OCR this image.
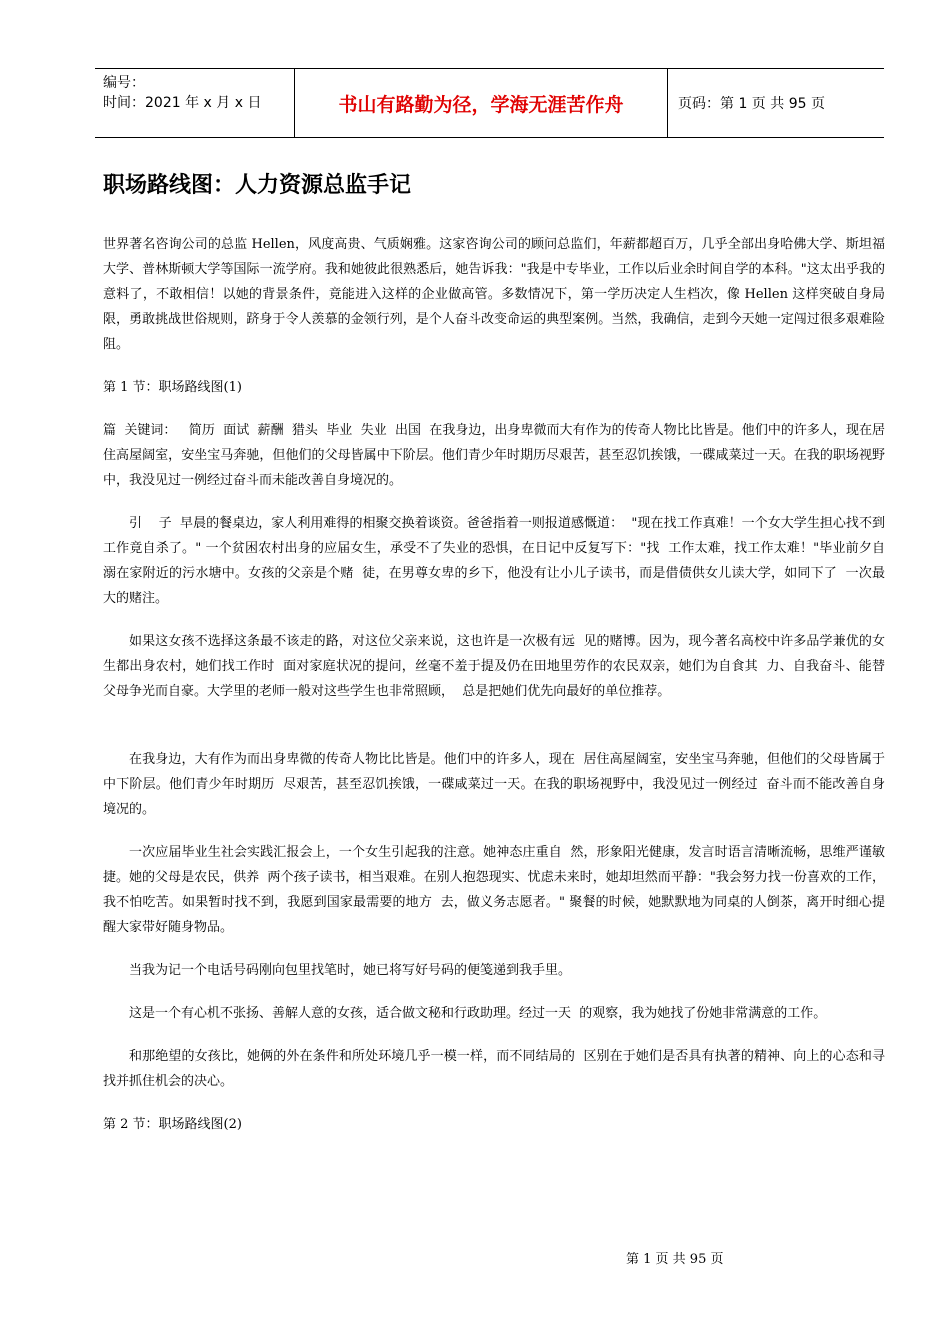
编号：
时间：2021 年 x 月 x 日	书山有路勤为径，学海无涯苦作舟	页码：第 1 页 共 95 页
职场路线图：人力资源总监手记

世界著名咨询公司的总监 Hellen，风度高贵、气质娴雅。这家咨询公司的顾问总监们，年薪都超百万，几乎全部出身哈佛大学、斯坦福大学、普林斯顿大学等国际一流学府。我和她彼此很熟悉后，她告诉我："我是中专毕业，工作以后业余时间自学的本科。"这太出乎我的意料了，不敢相信！以她的背景条件，竟能进入这样的企业做高管。多数情况下，第一学历决定人生档次，像 Hellen 这样突破自身局限，勇敢挑战世俗规则，跻身于令人羡慕的金领行列，是个人奋斗改变命运的典型案例。当然，我确信，走到今天她一定闯过很多艰难险阻。

第 1 节：职场路线图(1)

篇  关键词：   简历  面试  薪酬  猎头  毕业  失业  出国  在我身边，出身卑微而大有作为的传奇人物比比皆是。他们中的许多人，现在居住高屋阔室，安坐宝马奔驰，但他们的父母皆属中下阶层。他们青少年时期历尽艰苦，甚至忍饥挨饿，一碟咸菜过一天。在我的职场视野中，我没见过一例经过奋斗而未能改善自身境况的。

引    子  早晨的餐桌边，家人利用难得的相聚交换着谈资。爸爸指着一则报道感慨道：  "现在找工作真难！一个女大学生担心找不到工作竟自杀了。" 一个贫困农村出身的应届女生，承受不了失业的恐惧，在日记中反复写下："找  工作太难，找工作太难！"毕业前夕自溺在家附近的污水塘中。女孩的父亲是个赌  徒，在男尊女卑的乡下，他没有让小儿子读书，而是借债供女儿读大学，如同下了  一次最大的赌注。

如果这女孩不选择这条最不该走的路，对这位父亲来说，这也许是一次极有远  见的赌博。因为，现今著名高校中许多品学兼优的女生都出身农村，她们找工作时  面对家庭状况的提问，丝毫不羞于提及仍在田地里劳作的农民双亲，她们为自食其  力、自我奋斗、能替父母争光而自豪。大学里的老师一般对这些学生也非常照顾，  总是把她们优先向最好的单位推荐。

在我身边，大有作为而出身卑微的传奇人物比比皆是。他们中的许多人，现在  居住高屋阔室，安坐宝马奔驰，但他们的父母皆属于中下阶层。他们青少年时期历  尽艰苦，甚至忍饥挨饿，一碟咸菜过一天。在我的职场视野中，我没见过一例经过  奋斗而不能改善自身境况的。

一次应届毕业生社会实践汇报会上，一个女生引起我的注意。她神态庄重自  然，形象阳光健康，发言时语言清晰流畅，思维严谨敏捷。她的父母是农民，供养  两个孩子读书，相当艰难。在别人抱怨现实、忧虑未来时，她却坦然而平静："我会努力找一份喜欢的工作，我不怕吃苦。如果暂时找不到，我愿到国家最需要的地方  去，做义务志愿者。" 聚餐的时候，她默默地为同桌的人倒茶，离开时细心提醒大家带好随身物品。

当我为记一个电话号码刚向包里找笔时，她已将写好号码的便笺递到我手里。

这是一个有心机不张扬、善解人意的女孩，适合做文秘和行政助理。经过一天  的观察，我为她找了份她非常满意的工作。

和那绝望的女孩比，她俩的外在条件和所处环境几乎一模一样，而不同结局的  区别在于她们是否具有执著的精神、向上的心态和寻找并抓住机会的决心。

第 2 节：职场路线图(2)

第 1 页 共 95 页
